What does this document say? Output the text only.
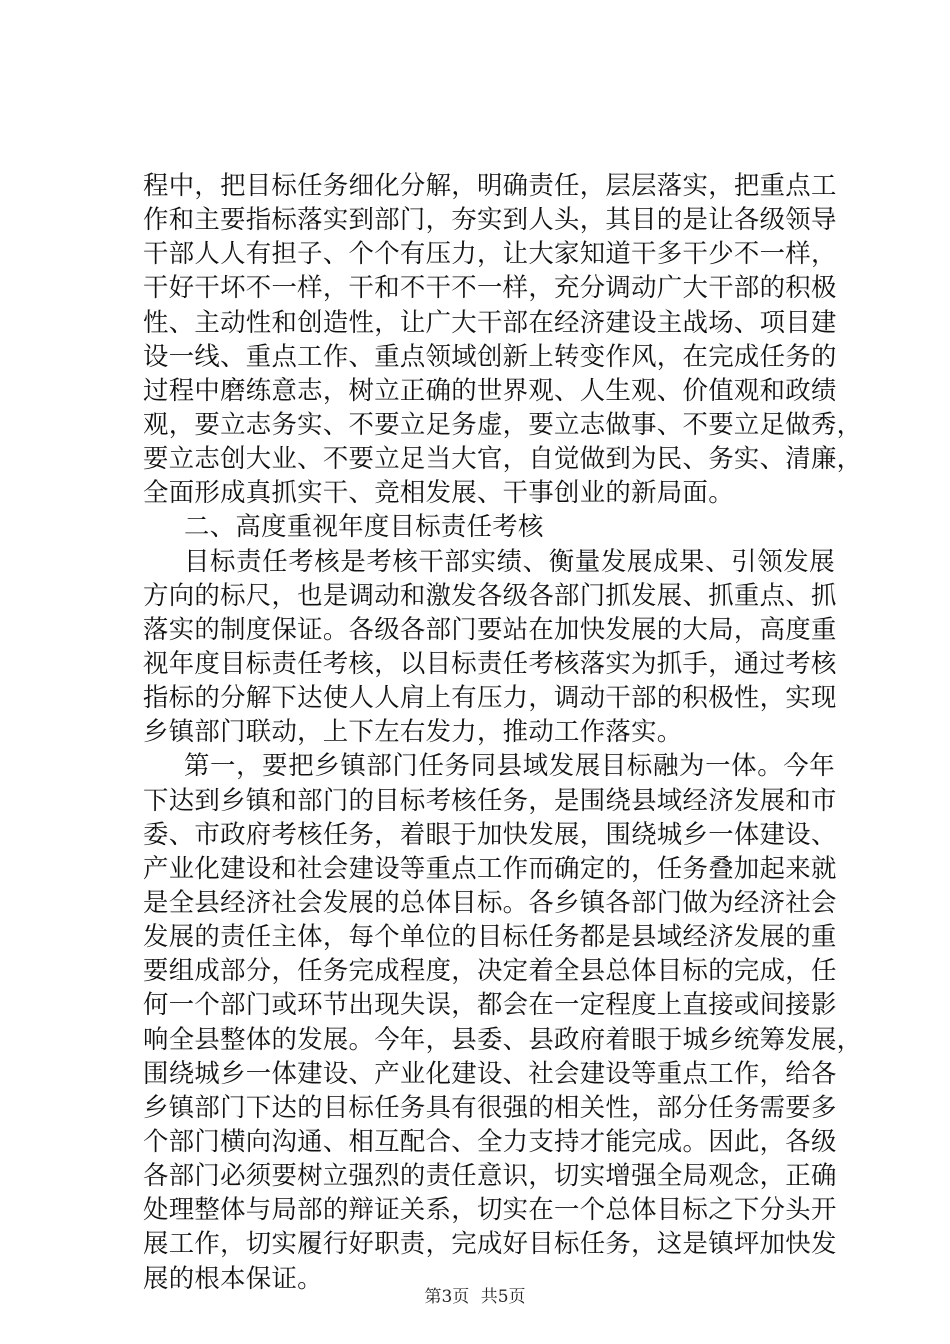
程中，把目标任务细化分解，明确责任，层层落实，把重点工
作和主要指标落实到部门，夯实到人头，其目的是让各级领导
干部人人有担子、个个有压力，让大家知道干多干少不一样，
干好干坏不一样，干和不干不一样，充分调动广大干部的积极
性、主动性和创造性，让广大干部在经济建设主战场、项目建
设一线、重点工作、重点领域创新上转变作风，在完成任务的
过程中磨练意志，树立正确的世界观、人生观、价值观和政绩
观，要立志务实、不要立足务虚，要立志做事、不要立足做秀，
要立志创大业、不要立足当大官，自觉做到为民、务实、清廉，
全面形成真抓实干、竞相发展、干事创业的新局面。
二、高度重视年度目标责任考核
目标责任考核是考核干部实绩、衡量发展成果、引领发展
方向的标尺，也是调动和激发各级各部门抓发展、抓重点、抓
落实的制度保证。各级各部门要站在加快发展的大局，高度重
视年度目标责任考核，以目标责任考核落实为抓手，通过考核
指标的分解下达使人人肩上有压力，调动干部的积极性，实现
乡镇部门联动，上下左右发力，推动工作落实。
第一，要把乡镇部门任务同县域发展目标融为一体。今年
下达到乡镇和部门的目标考核任务，是围绕县域经济发展和市
委、市政府考核任务，着眼于加快发展，围绕城乡一体建设、
产业化建设和社会建设等重点工作而确定的，任务叠加起来就
是全县经济社会发展的总体目标。各乡镇各部门做为经济社会
发展的责任主体，每个单位的目标任务都是县域经济发展的重
要组成部分，任务完成程度，决定着全县总体目标的完成，任
何一个部门或环节出现失误，都会在一定程度上直接或间接影
响全县整体的发展。今年，县委、县政府着眼于城乡统筹发展，
围绕城乡一体建设、产业化建设、社会建设等重点工作，给各
乡镇部门下达的目标任务具有很强的相关性，部分任务需要多
个部门横向沟通、相互配合、全力支持才能完成。因此，各级
各部门必须要树立强烈的责任意识，切实增强全局观念，正确
处理整体与局部的辩证关系，切实在一个总体目标之下分头开
展工作，切实履行好职责，完成好目标任务，这是镇坪加快发
展的根本保证。
第3页 共5页
